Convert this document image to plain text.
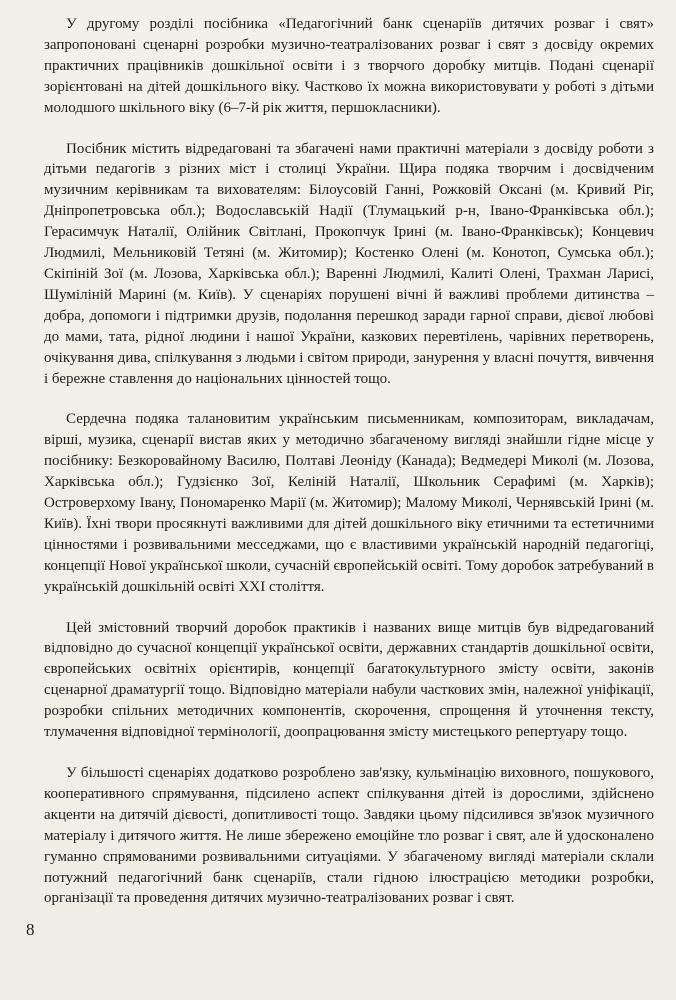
У другому розділі посібника «Педагогічний банк сценаріїв дитячих розваг і свят» запропоновані сценарні розробки музично-театралізованих розваг і свят з досвіду окремих практичних працівників дошкільної освіти і з творчого доробку митців. Подані сценарії зорієнтовані на дітей дошкільного віку. Частково їх можна використовувати у роботі з дітьми молодшого шкільного віку (6–7-й рік життя, першокласники).

Посібник містить відредаговані та збагачені нами практичні матеріали з досвіду роботи з дітьми педагогів з різних міст і столиці України. Щира подяка творчим і досвідченим музичним керівникам та вихователям: Білоусовій Ганні, Рожковій Оксані (м. Кривий Ріг, Дніпропетровська обл.); Водославській Надії (Тлумацький р-н, Івано-Франківська обл.); Герасимчук Наталії, Олійник Світлані, Прокопчук Ірині (м. Івано-Франківськ); Концевич Людмилі, Мельниковій Тетяні (м. Житомир); Костенко Олені (м. Конотоп, Сумська обл.); Скіпіній Зої (м. Лозова, Харківська обл.); Варенні Людмилі, Калиті Олені, Трахман Ларисі, Шуміліній Марині (м. Київ). У сценаріях порушені вічні й важливі проблеми дитинства – добра, допомоги і підтримки друзів, подолання перешкод заради гарної справи, дієвої любові до мами, тата, рідної людини і нашої України, казкових перевтілень, чарівних перетворень, очікування дива, спілкування з людьми і світом природи, занурення у власні почуття, вивчення і бережне ставлення до національних цінностей тощо.

Сердечна подяка талановитим українським письменникам, композиторам, викладачам, вірші, музика, сценарії вистав яких у методично збагаченому вигляді знайшли гідне місце у посібнику: Безкоровайному Василю, Полтаві Леоніду (Канада); Ведмедері Миколі (м. Лозова, Харківська обл.); Гудзієнко Зої, Келіній Наталії, Школьник Серафимі (м. Харків); Островерхому Івану, Пономаренко Марії (м. Житомир); Маломy Миколі, Чернявській Ірині (м. Київ). Їхні твори просякнуті важливими для дітей дошкільного віку етичними та естетичними цінностями і розвивальними месседжами, що є властивими українській народній педагогіці, концепції Нової української школи, сучасній європейській освіті. Тому доробок затребуваний в українській дошкільній освіті XXI століття.

Цей змістовний творчий доробок практиків і названих вище митців був відредагований відповідно до сучасної концепції української освіти, державних стандартів дошкільної освіти, європейських освітніх орієнтирів, концепції багатокультурного змісту освіти, законів сценарної драматургії тощо. Відповідно матеріали набули часткових змін, належної уніфікації, розробки спільних методичних компонентів, скорочення, спрощення й уточнення тексту, тлумачення відповідної термінології, доопрацювання змісту мистецького репертуару тощо.

У більшості сценаріях додатково розроблено зав'язку, кульмінацію виховного, пошукового, кооперативного спрямування, підсилено аспект спілкування дітей із дорослими, здійснено акценти на дитячій дієвості, допитливості тощо. Завдяки цьому підсилився зв'язок музичного матеріалу і дитячого життя. Не лише збережено емоційне тло розваг і свят, але й удосконалено гуманно спрямованими розвивальними ситуаціями. У збагаченому вигляді матеріали склали потужний педагогічний банк сценаріїв, стали гідною ілюстрацією методики розробки, організації та проведення дитячих музично-театралізованих розваг і свят.

8
